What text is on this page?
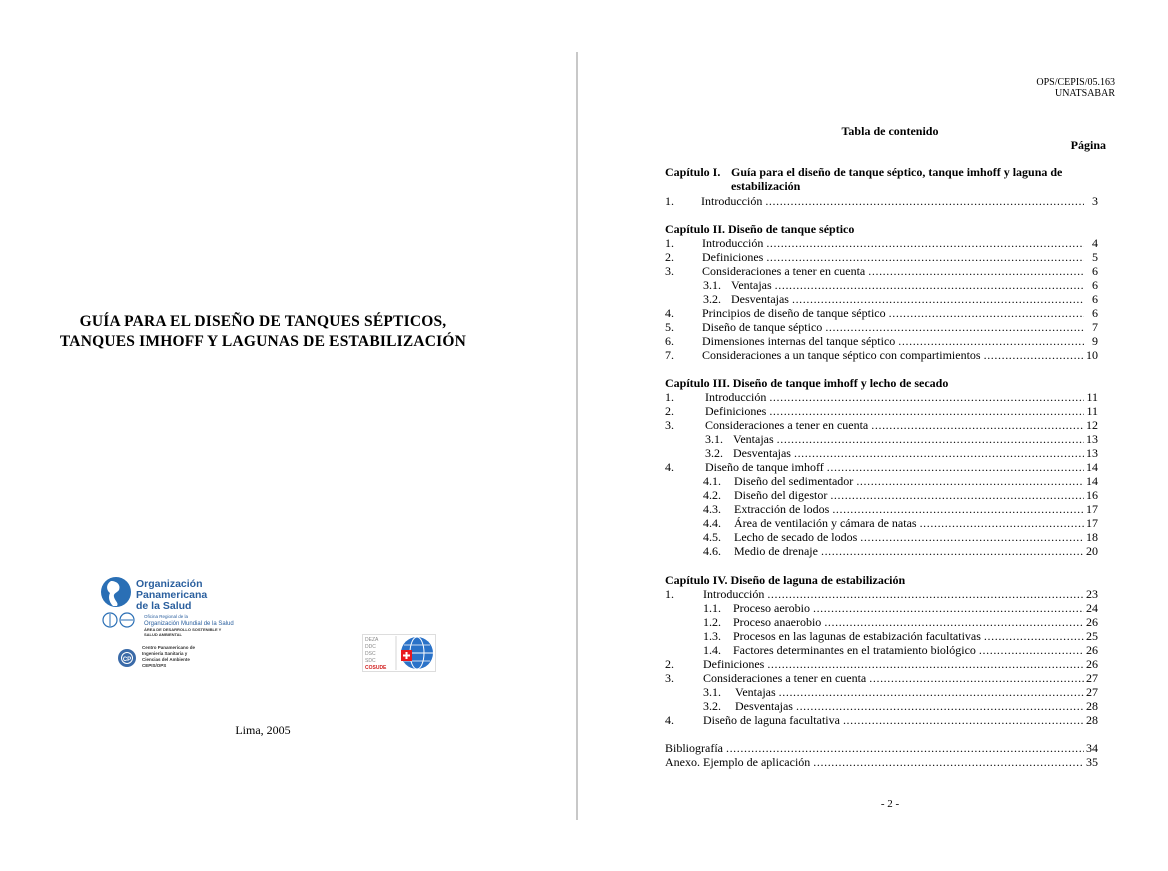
GUÍA PARA EL DISEÑO DE TANQUES SÉPTICOS,
TANQUES IMHOFF Y LAGUNAS DE ESTABILIZACIÓN
Organización
Panamericana
de la Salud
Oficina Regional de la
Organización Mundial de la Salud
ÁREA DE DESARROLLO SOSTENIBLE Y
SALUD AMBIENTAL
CP
Centro Panamericano de
Ingeniería Sanitaria y
Ciencias del Ambiente
CEPIS/OPS
DEZA
DDC
DSC
SDC
COSUDE
Lima, 2005
OPS/CEPIS/05.163
UNATSABAR
Tabla de contenido
Página
Capítulo I. Guía para el diseño de tanque séptico, tanque imhoff y laguna de
estabilización
1. Introducción .....	3
Capítulo II. Diseño de tanque séptico
1. Introducción .....	4
2. Definiciones .....	5
3. Consideraciones a tener en cuenta .....	6
3.1. Ventajas .....	6
3.2. Desventajas .....	6
4. Principios de diseño de tanque séptico .....	6
5. Diseño de tanque séptico .....	7
6. Dimensiones internas del tanque séptico .....	9
7. Consideraciones a un tanque séptico con compartimientos .....	10
Capítulo III. Diseño de tanque imhoff y lecho de secado
1.	Introducción .....	11
2.	Definiciones .....	11
3.	Consideraciones a tener en cuenta .....	12
3.1. Ventajas .....	13
3.2. Desventajas .....	13
4.	Diseño de tanque imhoff .....	14
4.1.	Diseño del sedimentador .....	14
4.2.	Diseño del digestor .....	16
4.3.	Extracción de lodos .....	17
4.4.	Área de ventilación y cámara de natas .....	17
4.5.	Lecho de secado de lodos .....	18
4.6.	Medio de drenaje .....	20
Capítulo IV. Diseño de laguna de estabilización
1. Introducción .....	23
1.1.	Proceso aerobio .....	24
1.2.	Proceso anaerobio .....	26
1.3.	Procesos en las lagunas de estabización facultativas .....	25
1.4.	Factores determinantes en el tratamiento biológico .....	26
2. Definiciones .....	26
3. Consideraciones a tener en cuenta .....	27
3.1.	Ventajas .....	27
3.2.	Desventajas .....	28
4. Diseño de laguna facultativa .....	28
Bibliografía .....	34
Anexo. Ejemplo de aplicación .....	35
- 2 -
